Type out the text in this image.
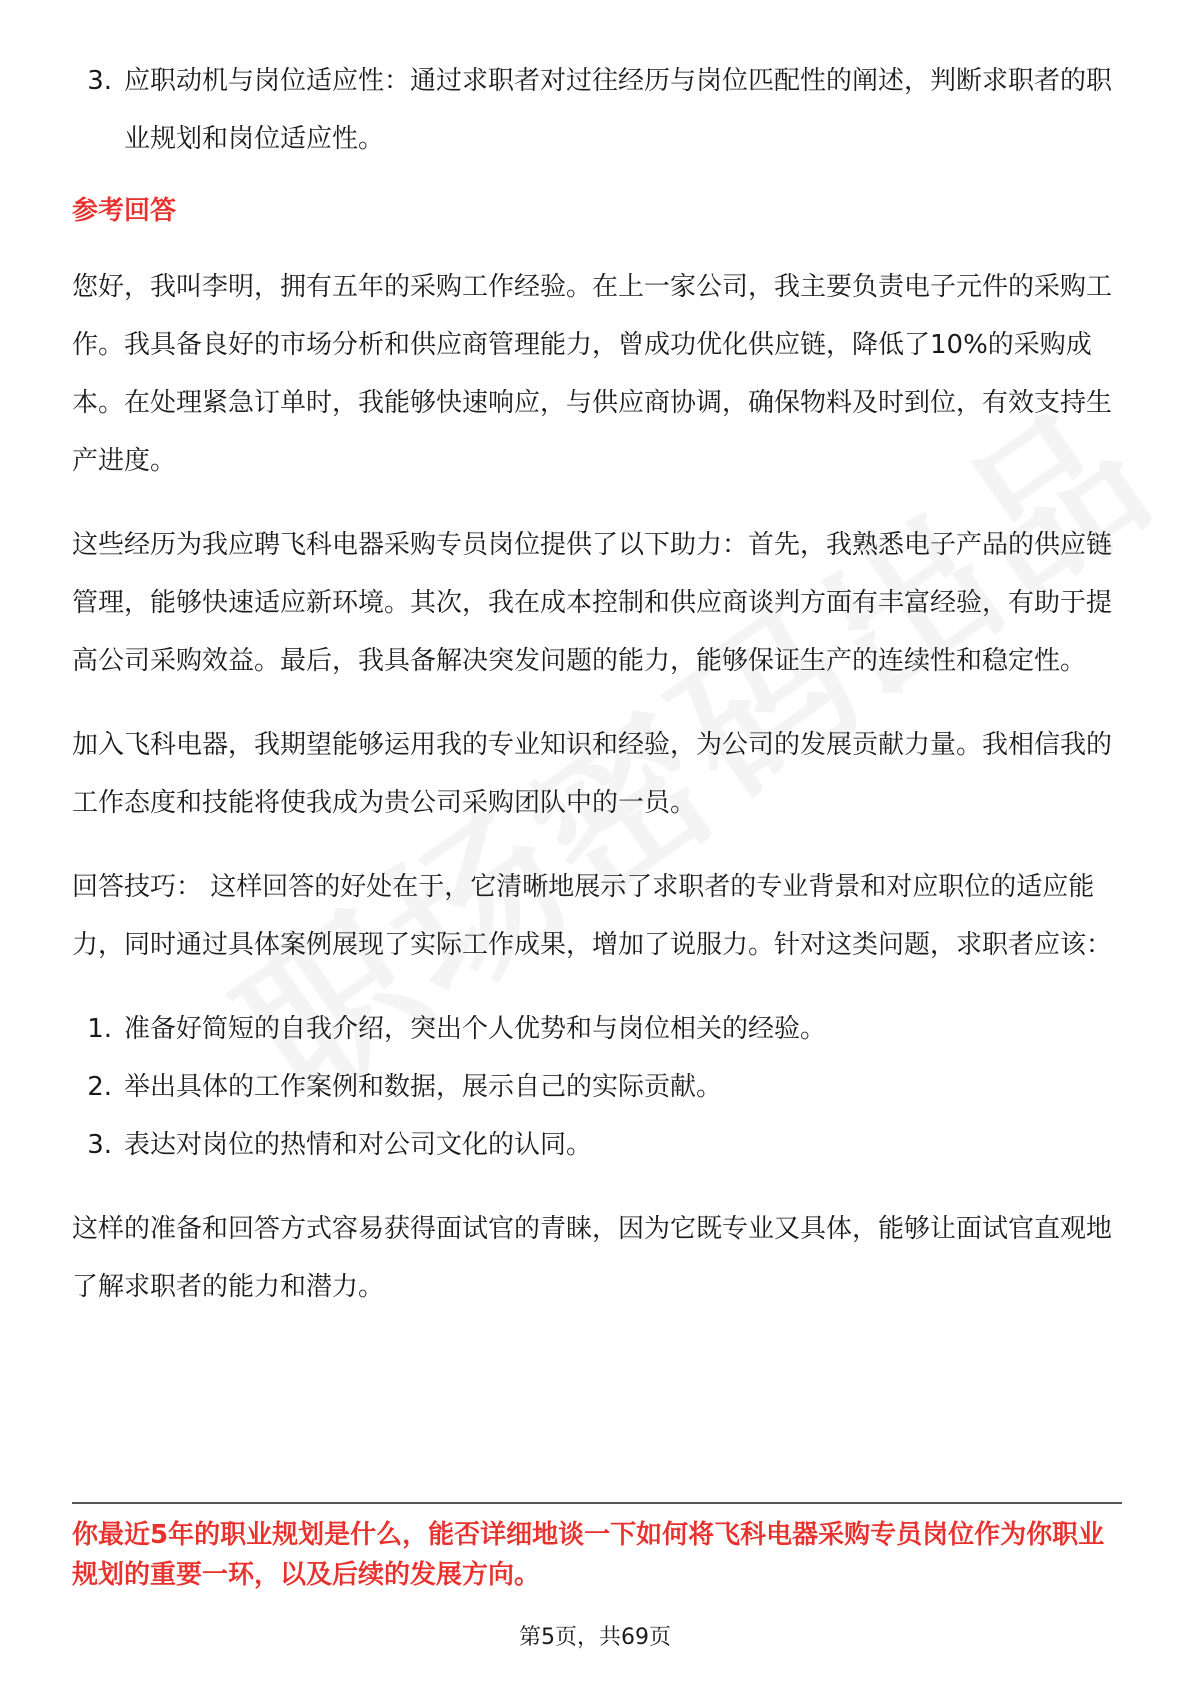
3. 应职动机与岗位适应性：通过求职者对过往经历与岗位匹配性的阐述，判断求职者的职业规划和岗位适应性。
参考回答

您好，我叫李明，拥有五年的采购工作经验。在上一家公司，我主要负责电子元件的采购工作。我具备良好的市场分析和供应商管理能力，曾成功优化供应链，降低了10%的采购成本。在处理紧急订单时，我能够快速响应，与供应商协调，确保物料及时到位，有效支持生产进度。

这些经历为我应聘飞科电器采购专员岗位提供了以下助力：首先，我熟悉电子产品的供应链管理，能够快速适应新环境。其次，我在成本控制和供应商谈判方面有丰富经验，有助于提高公司采购效益。最后，我具备解决突发问题的能力，能够保证生产的连续性和稳定性。

加入飞科电器，我期望能够运用我的专业知识和经验，为公司的发展贡献力量。我相信我的工作态度和技能将使我成为贵公司采购团队中的一员。

回答技巧： 这样回答的好处在于，它清晰地展示了求职者的专业背景和对应职位的适应能力，同时通过具体案例展现了实际工作成果，增加了说服力。针对这类问题，求职者应该：

1. 准备好简短的自我介绍，突出个人优势和与岗位相关的经验。
2. 举出具体的工作案例和数据，展示自己的实际贡献。
3. 表达对岗位的热情和对公司文化的认同。

这样的准备和回答方式容易获得面试官的青睐，因为它既专业又具体，能够让面试官直观地了解求职者的能力和潜力。

你最近5年的职业规划是什么，能否详细地谈一下如何将飞科电器采购专员岗位作为你职业规划的重要一环，以及后续的发展方向。

第5页，共69页
